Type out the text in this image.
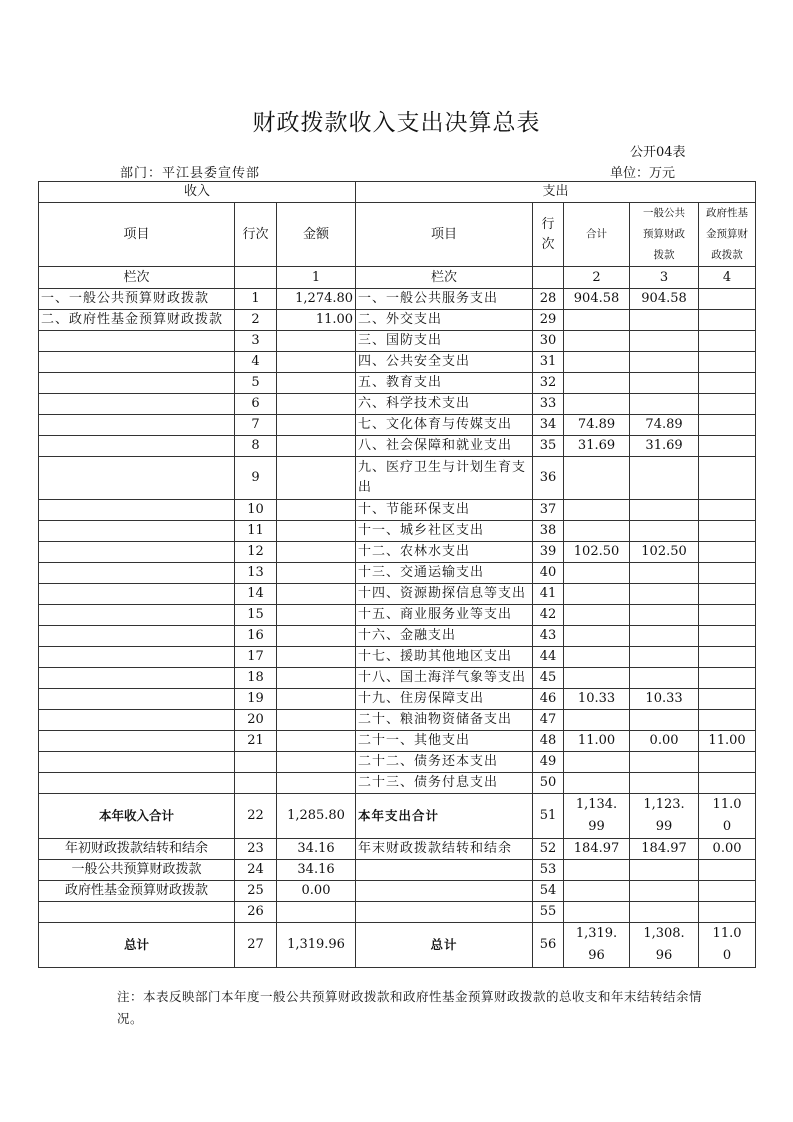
财政拨款收入支出决算总表
公开04表
部门：平江县委宣传部	单位：万元
收入			支出				
项目	行次	金额	项目	行次	合计	一般公共预算财政拨款	政府性基金预算财政拨款
栏次		1	栏次		2	3	4
一、一般公共预算财政拨款	1	1,274.80	一、一般公共服务支出	28	904.58	904.58	
二、政府性基金预算财政拨款	2	11.00	二、外交支出	29			
	3		三、国防支出	30			
	4		四、公共安全支出	31			
	5		五、教育支出	32			
	6		六、科学技术支出	33			
	7		七、文化体育与传媒支出	34	74.89	74.89	
	8		八、社会保障和就业支出	35	31.69	31.69	
	9		九、医疗卫生与计划生育支出	36			
	10		十、节能环保支出	37			
	11		十一、城乡社区支出	38			
	12		十二、农林水支出	39	102.50	102.50	
	13		十三、交通运输支出	40			
	14		十四、资源勘探信息等支出	41			
	15		十五、商业服务业等支出	42			
	16		十六、金融支出	43			
	17		十七、援助其他地区支出	44			
	18		十八、国土海洋气象等支出	45			
	19		十九、住房保障支出	46	10.33	10.33	
	20		二十、粮油物资储备支出	47			
	21		二十一、其他支出	48	11.00	0.00	11.00
			二十二、债务还本支出	49			
			二十三、债务付息支出	50			
本年收入合计	22	1,285.80	本年支出合计	51	1,134.99	1,123.99	11.00
年初财政拨款结转和结余	23	34.16	年末财政拨款结转和结余	52	184.97	184.97	0.00
一般公共预算财政拨款	24	34.16		53			
政府性基金预算财政拨款	25	0.00		54			
	26			55			
总计	27	1,319.96	总计	56	1,319.96	1,308.96	11.00
注：本表反映部门本年度一般公共预算财政拨款和政府性基金预算财政拨款的总收支和年末结转结余情况。
